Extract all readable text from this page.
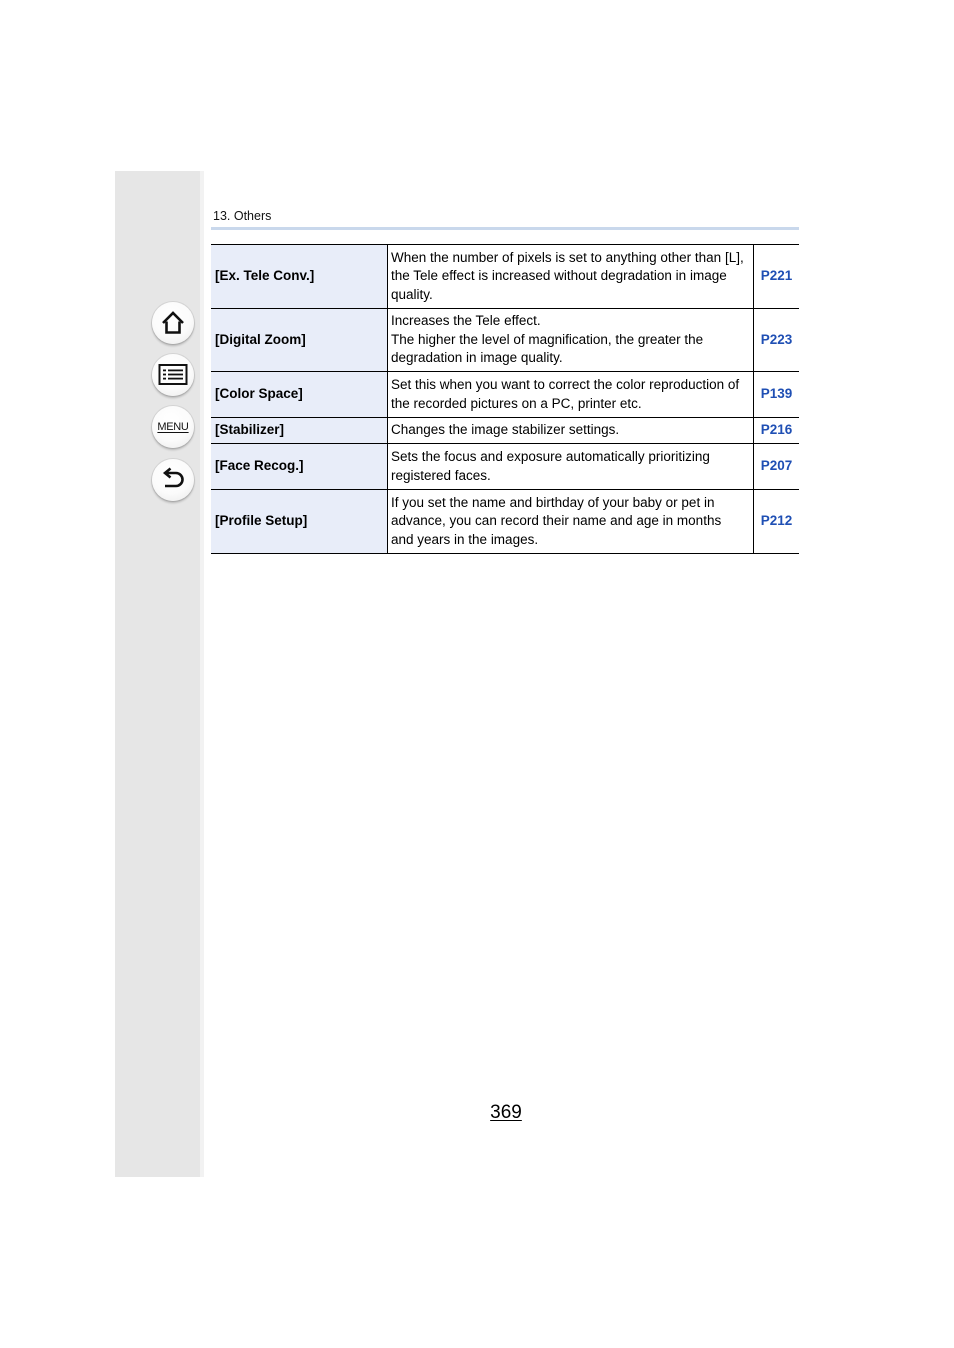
MENU
13. Others
[Ex. Tele Conv.]	When the number of pixels is set to anything other than [L],
the Tele effect is increased without degradation in image
quality.	P221
[Digital Zoom]	Increases the Tele effect.
The higher the level of magnification, the greater the
degradation in image quality.	P223
[Color Space]	Set this when you want to correct the color reproduction of
the recorded pictures on a PC, printer etc.	P139
[Stabilizer]	Changes the image stabilizer settings.	P216
[Face Recog.]	Sets the focus and exposure automatically prioritizing
registered faces.	P207
[Profile Setup]	If you set the name and birthday of your baby or pet in
advance, you can record their name and age in months
and years in the images.	P212
369
